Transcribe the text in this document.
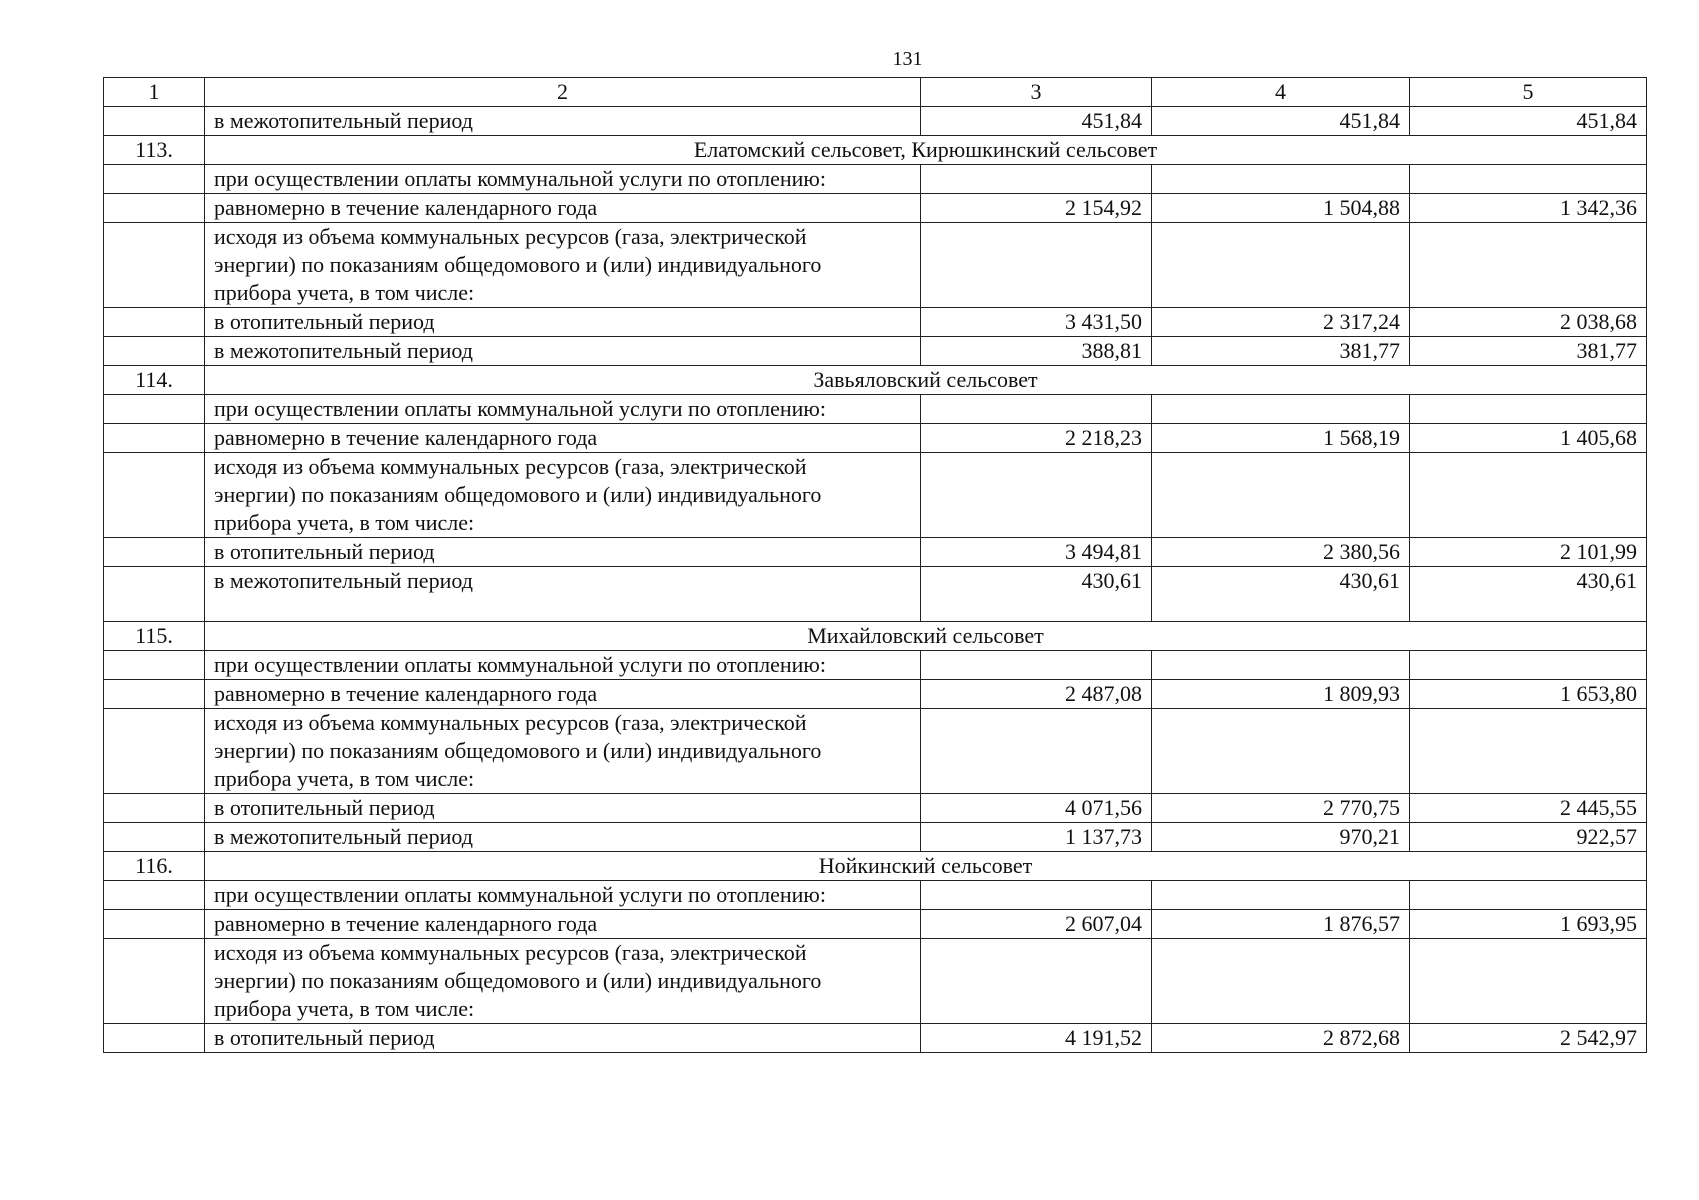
131
1	2	3	4	5
	в межотопительный период	451,84	451,84	451,84
113.	Елатомский сельсовет, Кирюшкинский сельсовет			
	при осуществлении оплаты коммунальной услуги по отоплению:			
	равномерно в течение календарного года	2 154,92	1 504,88	1 342,36

	исходя из объема коммунальных ресурсов (газа, электрической
энергии) по показаниям общедомового и (или) индивидуального
прибора учета, в том числе:			

	в отопительный период	3 431,50	2 317,24	2 038,68
	в межотопительный период	388,81	381,77	381,77
114.	Завьяловский сельсовет			
	при осуществлении оплаты коммунальной услуги по отоплению:			
	равномерно в течение календарного года	2 218,23	1 568,19	1 405,68

	исходя из объема коммунальных ресурсов (газа, электрической
энергии) по показаниям общедомового и (или) индивидуального
прибора учета, в том числе:			

	в отопительный период	3 494,81	2 380,56	2 101,99
	в межотопительный период	430,61	430,61	430,61
115.	Михайловский сельсовет			
	при осуществлении оплаты коммунальной услуги по отоплению:			
	равномерно в течение календарного года	2 487,08	1 809,93	1 653,80

	исходя из объема коммунальных ресурсов (газа, электрической
энергии) по показаниям общедомового и (или) индивидуального
прибора учета, в том числе:			

	в отопительный период	4 071,56	2 770,75	2 445,55
	в межотопительный период	1 137,73	970,21	922,57
116.	Нойкинский сельсовет			
	при осуществлении оплаты коммунальной услуги по отоплению:			
	равномерно в течение календарного года	2 607,04	1 876,57	1 693,95

	исходя из объема коммунальных ресурсов (газа, электрической
энергии) по показаниям общедомового и (или) индивидуального
прибора учета, в том числе:			

	в отопительный период	4 191,52	2 872,68	2 542,97
